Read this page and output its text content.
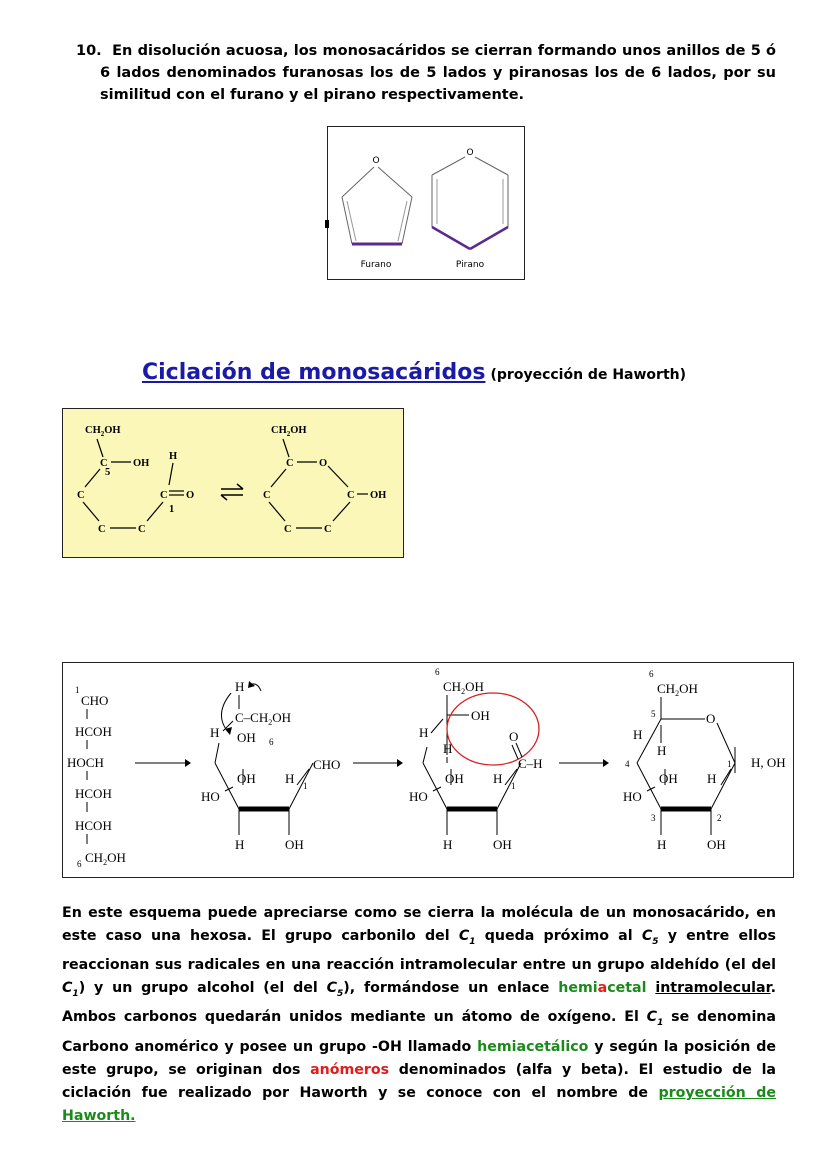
10. En disolución acuosa, los monosacáridos se cierran formando unos anillos de 5 ó 6 lados denominados furanosas los de 5 lados y piranosas los de 6 lados, por su similitud con el furano y el pirano respectivamente.
O
O
Furano	Pirano
Ciclación de monosacáridos (proyección de Haworth)
$CH_2OH$
C
5
OH
H
C	C O
1
C	C
$CH_2OH$
C O
C	C OH
C	C
1
CHO
HCOH
HOCH
HCOH
HCOH
6 $CH_2OH$
H
$C-CH_2OH$
H OH 6
HO
OH H 1
CHO
H	OH
6
$CH_2OH$
OH
H
H
O
C–H
HO
OH H 1
H	OH
6
$CH_2OH$
5	O
H
H
4	1 H, OH
HO
OH H
3	2
H	OH
En este esquema puede apreciarse como se cierra la molécula de un monosacárido, en este caso una hexosa. El grupo carbonilo del $C_1$ queda próximo al $C_5$ y entre ellos reaccionan sus radicales en una reacción intramolecular entre un grupo aldehído (el del $C_1$) y un grupo alcohol (el del $C_5$), formándose un enlace hemiacetal intramolecular. Ambos carbonos quedarán unidos mediante un átomo de oxígeno. El $C_1$ se denomina Carbono anomérico y posee un grupo -OH llamado hemiacetálico y según la posición de este grupo, se originan dos anómeros denominados (alfa y beta). El estudio de la ciclación fue realizado por Haworth y se conoce con el nombre de proyección de Haworth.
